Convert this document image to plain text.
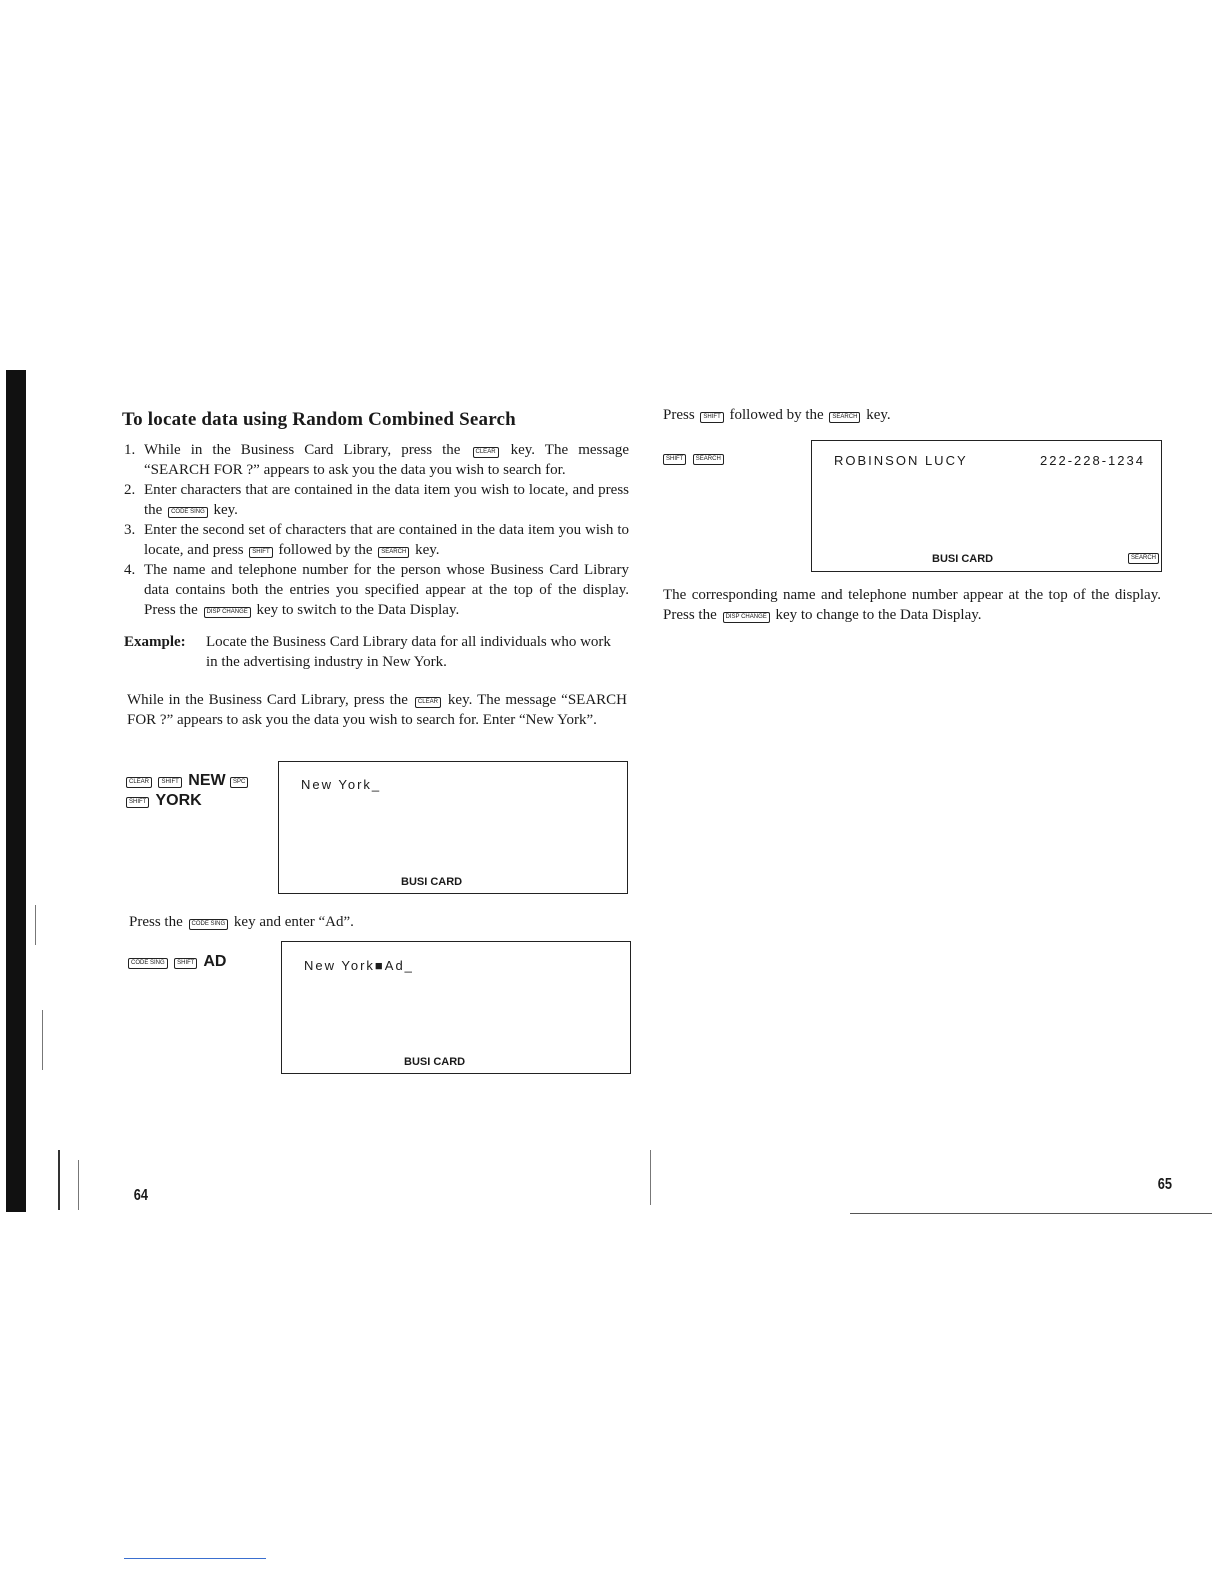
To locate data using Random Combined Search
1. While in the Business Card Library, press the	CLEAR key. The message “SEARCH FOR ?” appears to ask you the data you wish to search for.
2. Enter characters that are contained in the data item you wish to locate, and press the CODE SING key.
3. Enter the second set of characters that are contained in the data item you wish to locate, and press SHIFT followed by the SEARCH key.
4. The name and telephone number for the person whose Business Card Library data contains both the entries you specified appear at the top of the display. Press the DISP CHANGE key to switch to the Data Display.
Example: Locate the Business Card Library data for all individuals who work in the advertising industry in New York.
While in the Business Card Library, press the CLEAR key. The message “SEARCH FOR ?” appears to ask you the data you wish to search for. Enter “New York”.
CLEAR SHIFT NEW SPC
SHIFT YORK
New York_
BUSI CARD
Press the CODE SING key and enter “Ad”.
CODE SING SHIFT AD	New York■Ad_
BUSI CARD
64
Press SHIFT followed by the SEARCH key.
SHIFT SEARCH	ROBINSON LUCY	222-228-1234
BUSI CARD	SEARCH
The corresponding name and telephone number appear at the top of the display. Press the DISP CHANGE key to change to the Data Display.
65
